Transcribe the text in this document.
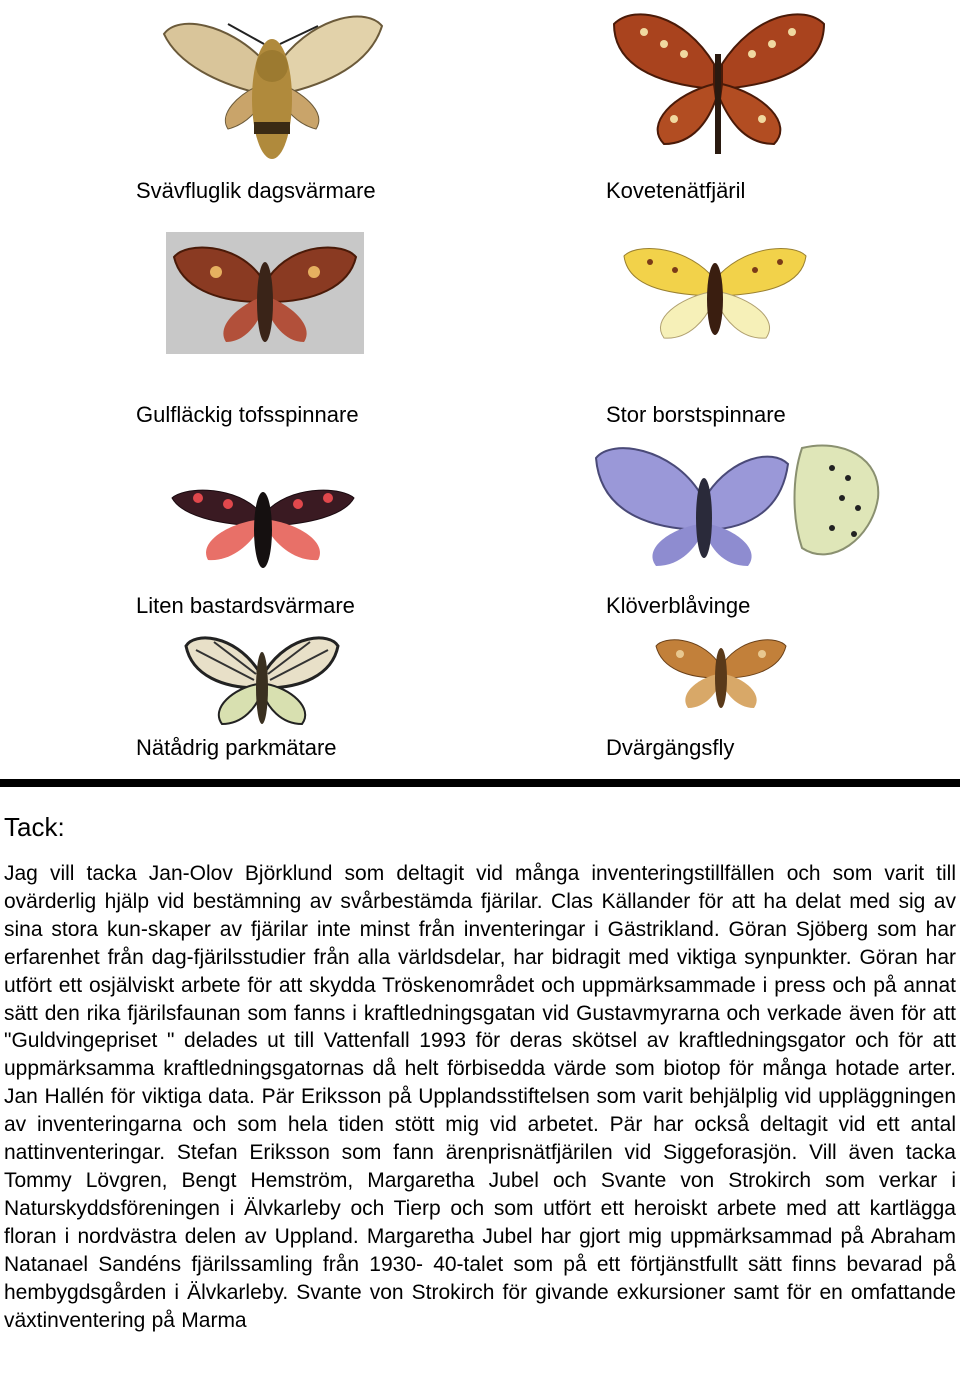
Svävfluglik dagsvärmare	Kovetenätfjäril
Gulfläckig tofsspinnare	Stor borstspinnare
Liten bastardsvärmare	Klöverblåvinge
Nätådrig parkmätare	Dvärgängsfly
Tack:
Jag vill tacka Jan-Olov Björklund som deltagit vid många inventeringstillfällen och som varit till ovärderlig hjälp vid bestämning av svårbestämda fjärilar. Clas Källander för att ha delat med sig av sina stora kun-skaper av fjärilar inte minst från inventeringar i Gästrikland. Göran Sjöberg som har erfarenhet från dag-fjärilsstudier från alla världsdelar, har bidragit med viktiga synpunkter. Göran har utfört ett osjälviskt arbete för att skydda Tröskenområdet och uppmärksammade i press och på annat sätt den rika fjärilsfaunan som fanns i kraftledningsgatan vid Gustavmyrarna och verkade även för att "Guldvingepriset " delades ut till Vattenfall 1993 för deras skötsel av kraftledningsgator och för att uppmärksamma kraftledningsgatornas då helt förbisedda värde som biotop för många hotade arter. Jan Hallén för viktiga data. Pär Eriksson på Upplandsstiftelsen som varit behjälplig vid uppläggningen av inventeringarna och som hela tiden stött mig vid arbetet. Pär har också deltagit vid ett antal nattinventeringar. Stefan Eriksson som fann ärenprisnätfjärilen vid Siggeforasjön. Vill även tacka Tommy Lövgren, Bengt Hemström, Margaretha Jubel och Svante von Strokirch som verkar i Naturskyddsföreningen i Älvkarleby och Tierp och som utfört ett heroiskt arbete med att kartlägga floran i nordvästra delen av Uppland. Margaretha Jubel har gjort mig uppmärksammad på Abraham Natanael Sandéns fjärilssamling från 1930- 40-talet som på ett förtjänstfullt sätt finns bevarad på hembygdsgården i Älvkarleby. Svante von Strokirch för givande exkursioner samt för en omfattande växtinventering på Marma
